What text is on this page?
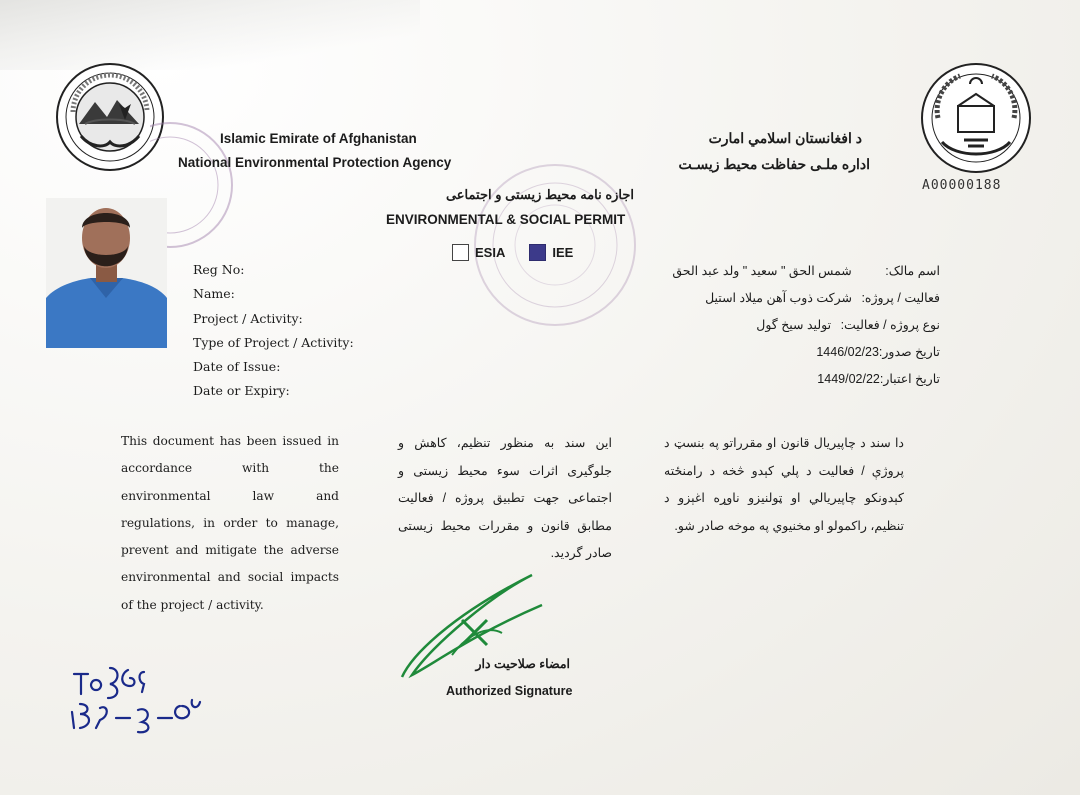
Islamic Emirate of Afghanistan
National Environmental Protection Agency
د افغانستان اسلامي امارت
اداره ملـی حفاظت محیط زیسـت
A00000188
اجازه نامه محیط زیستی و اجتماعی
ENVIRONMENTAL & SOCIAL PERMIT
ESIA	IEE
Reg No:
Name:
Project / Activity:
Type of Project / Activity:
Date of Issue:
Date or Expiry:
اسم مالک: شمس الحق " سعید " ولد عبد الحق
فعالیت / پروژه: شرکت ذوب آهن میلاد استیل
نوع پروژه / فعالیت: تولید سیخ گول
تاریخ صدور:1446/02/23
تاریخ اعتبار:1449/02/22
This document has been issued in accordance with the environmental law and regulations, in order to manage, prevent and mitigate the adverse environmental and social impacts of the project / activity.
این سند به منظور تنظیم، کاهش و جلوگیری اثرات سوء محیط زیستی و اجتماعی جهت تطبیق پروژه / فعالیت مطابق قانون و مقررات محیط زیستی صادر گردید.
دا سند د چاپیریال قانون او مقرراتو په بنسټ د پروژې / فعالیت د پلي کېدو څخه د رامنځته کېدونکو چاپیریالي او ټولنیزو ناوړه اغېزو د تنظیم، راکمولو او مخنیوي په موخه صادر شو.
امضاء صلاحیت دار
Authorized Signature
